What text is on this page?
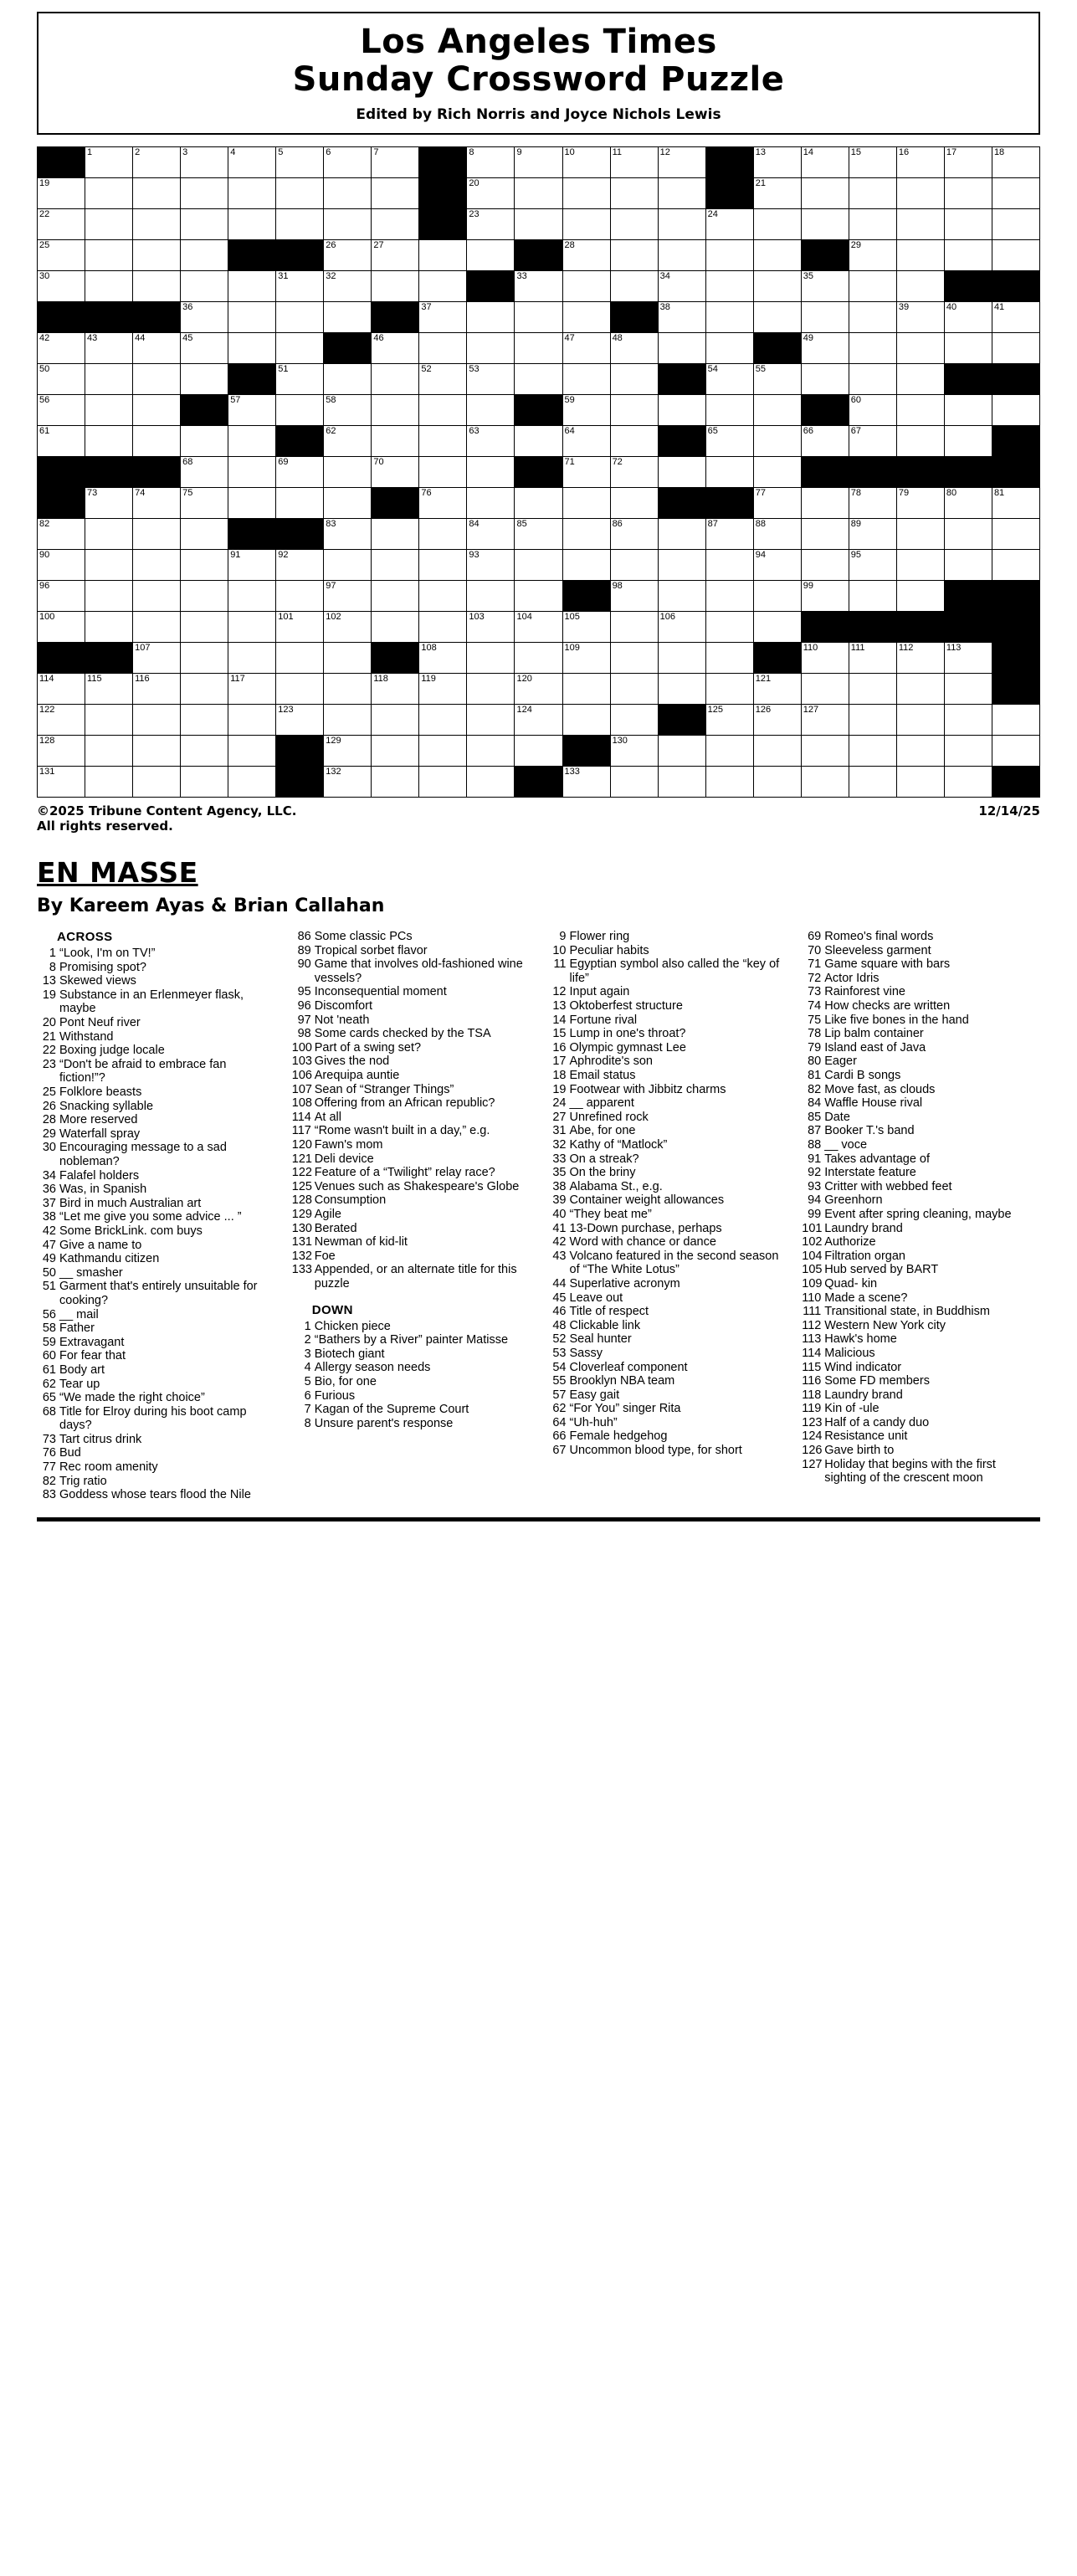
Los Angeles Times
Sunday Crossword Puzzle
Edited by Rich Norris and Joyce Nichols Lewis

	1	2	3	4	5	6	7		8	9	10	11	12		13	14	15	16	17	18

19									20						21					

22									23					24						

25						26	27				28						29			

30					31	32				33			34			35				

			36					37					38					39	40	41

42	43	44	45				46				47	48				49				

50					51			52	53					54	55					

56				57		58					59						60			

61						62			63		64			65		66	67			

			68		69		70				71	72								

	73	74	75					76							77		78	79	80	81

82						83			84	85		86		87	88		89			

90				91	92				93						94		95			

96						97						98				99				

100					101	102			103	104	105		106							

		107						108			109					110	111	112	113	

114	115	116		117			118	119		120					121					

122					123					124				125	126	127				

128						129						130								

131						132					133									

©2025 Tribune Content Agency, LLC.
All rights reserved.
12/14/25
EN MASSE
By Kareem Ayas & Brian Callahan
ACROSS
1 “Look, I'm on TV!”
8 Promising spot?
13 Skewed views
19 Substance in an Erlenmeyer flask, maybe
20 Pont Neuf river
21 Withstand
22 Boxing judge locale
23 “Don't be afraid to embrace fan fiction!”?
25 Folklore beasts
26 Snacking syllable
28 More reserved
29 Waterfall spray
30 Encouraging message to a sad nobleman?
34 Falafel holders
36 Was, in Spanish
37 Bird in much Australian art
38 “Let me give you some advice ... ”
42 Some BrickLink. com buys
47 Give a name to
49 Kathmandu citizen
50 __ smasher
51 Garment that's entirely unsuitable for cooking?
56 __ mail
58 Father
59 Extravagant
60 For fear that
61 Body art
62 Tear up
65 “We made the right choice”
68 Title for Elroy during his boot camp days?
73 Tart citrus drink
76 Bud
77 Rec room amenity
82 Trig ratio
83 Goddess whose tears flood the Nile
86 Some classic PCs
89 Tropical sorbet flavor
90 Game that involves old-fashioned wine vessels?
95 Inconsequential moment
96 Discomfort
97 Not 'neath
98 Some cards checked by the TSA
100 Part of a swing set?
103 Gives the nod
106 Arequipa auntie
107 Sean of “Stranger Things”
108 Offering from an African republic?
114 At all
117 “Rome wasn't built in a day,” e.g.
120 Fawn's mom
121 Deli device
122 Feature of a “Twilight” relay race?
125 Venues such as Shakespeare's Globe
128 Consumption
129 Agile
130 Berated
131 Newman of kid-lit
132 Foe
133 Appended, or an alternate title for this puzzle
DOWN
1 Chicken piece
2 “Bathers by a River” painter Matisse
3 Biotech giant
4 Allergy season needs
5 Bio, for one
6 Furious
7 Kagan of the Supreme Court
8 Unsure parent's response
9 Flower ring
10 Peculiar habits
11 Egyptian symbol also called the “key of life”
12 Input again
13 Oktoberfest structure
14 Fortune rival
15 Lump in one's throat?
16 Olympic gymnast Lee
17 Aphrodite's son
18 Email status
19 Footwear with Jibbitz charms
24 __ apparent
27 Unrefined rock
31 Abe, for one
32 Kathy of “Matlock”
33 On a streak?
35 On the briny
38 Alabama St., e.g.
39 Container weight allowances
40 “They beat me”
41 13-Down purchase, perhaps
42 Word with chance or dance
43 Volcano featured in the second season of “The White Lotus”
44 Superlative acronym
45 Leave out
46 Title of respect
48 Clickable link
52 Seal hunter
53 Sassy
54 Cloverleaf component
55 Brooklyn NBA team
57 Easy gait
62 “For You” singer Rita
64 “Uh-huh”
66 Female hedgehog
67 Uncommon blood type, for short
69 Romeo's final words
70 Sleeveless garment
71 Game square with bars
72 Actor Idris
73 Rainforest vine
74 How checks are written
75 Like five bones in the hand
78 Lip balm container
79 Island east of Java
80 Eager
81 Cardi B songs
82 Move fast, as clouds
84 Waffle House rival
85 Date
87 Booker T.'s band
88 __ voce
91 Takes advantage of
92 Interstate feature
93 Critter with webbed feet
94 Greenhorn
99 Event after spring cleaning, maybe
101 Laundry brand
102 Authorize
104 Filtration organ
105 Hub served by BART
109 Quad- kin
110 Made a scene?
111 Transitional state, in Buddhism
112 Western New York city
113 Hawk's home
114 Malicious
115 Wind indicator
116 Some FD members
118 Laundry brand
119 Kin of -ule
123 Half of a candy duo
124 Resistance unit
126 Gave birth to
127 Holiday that begins with the first sighting of the crescent moon
